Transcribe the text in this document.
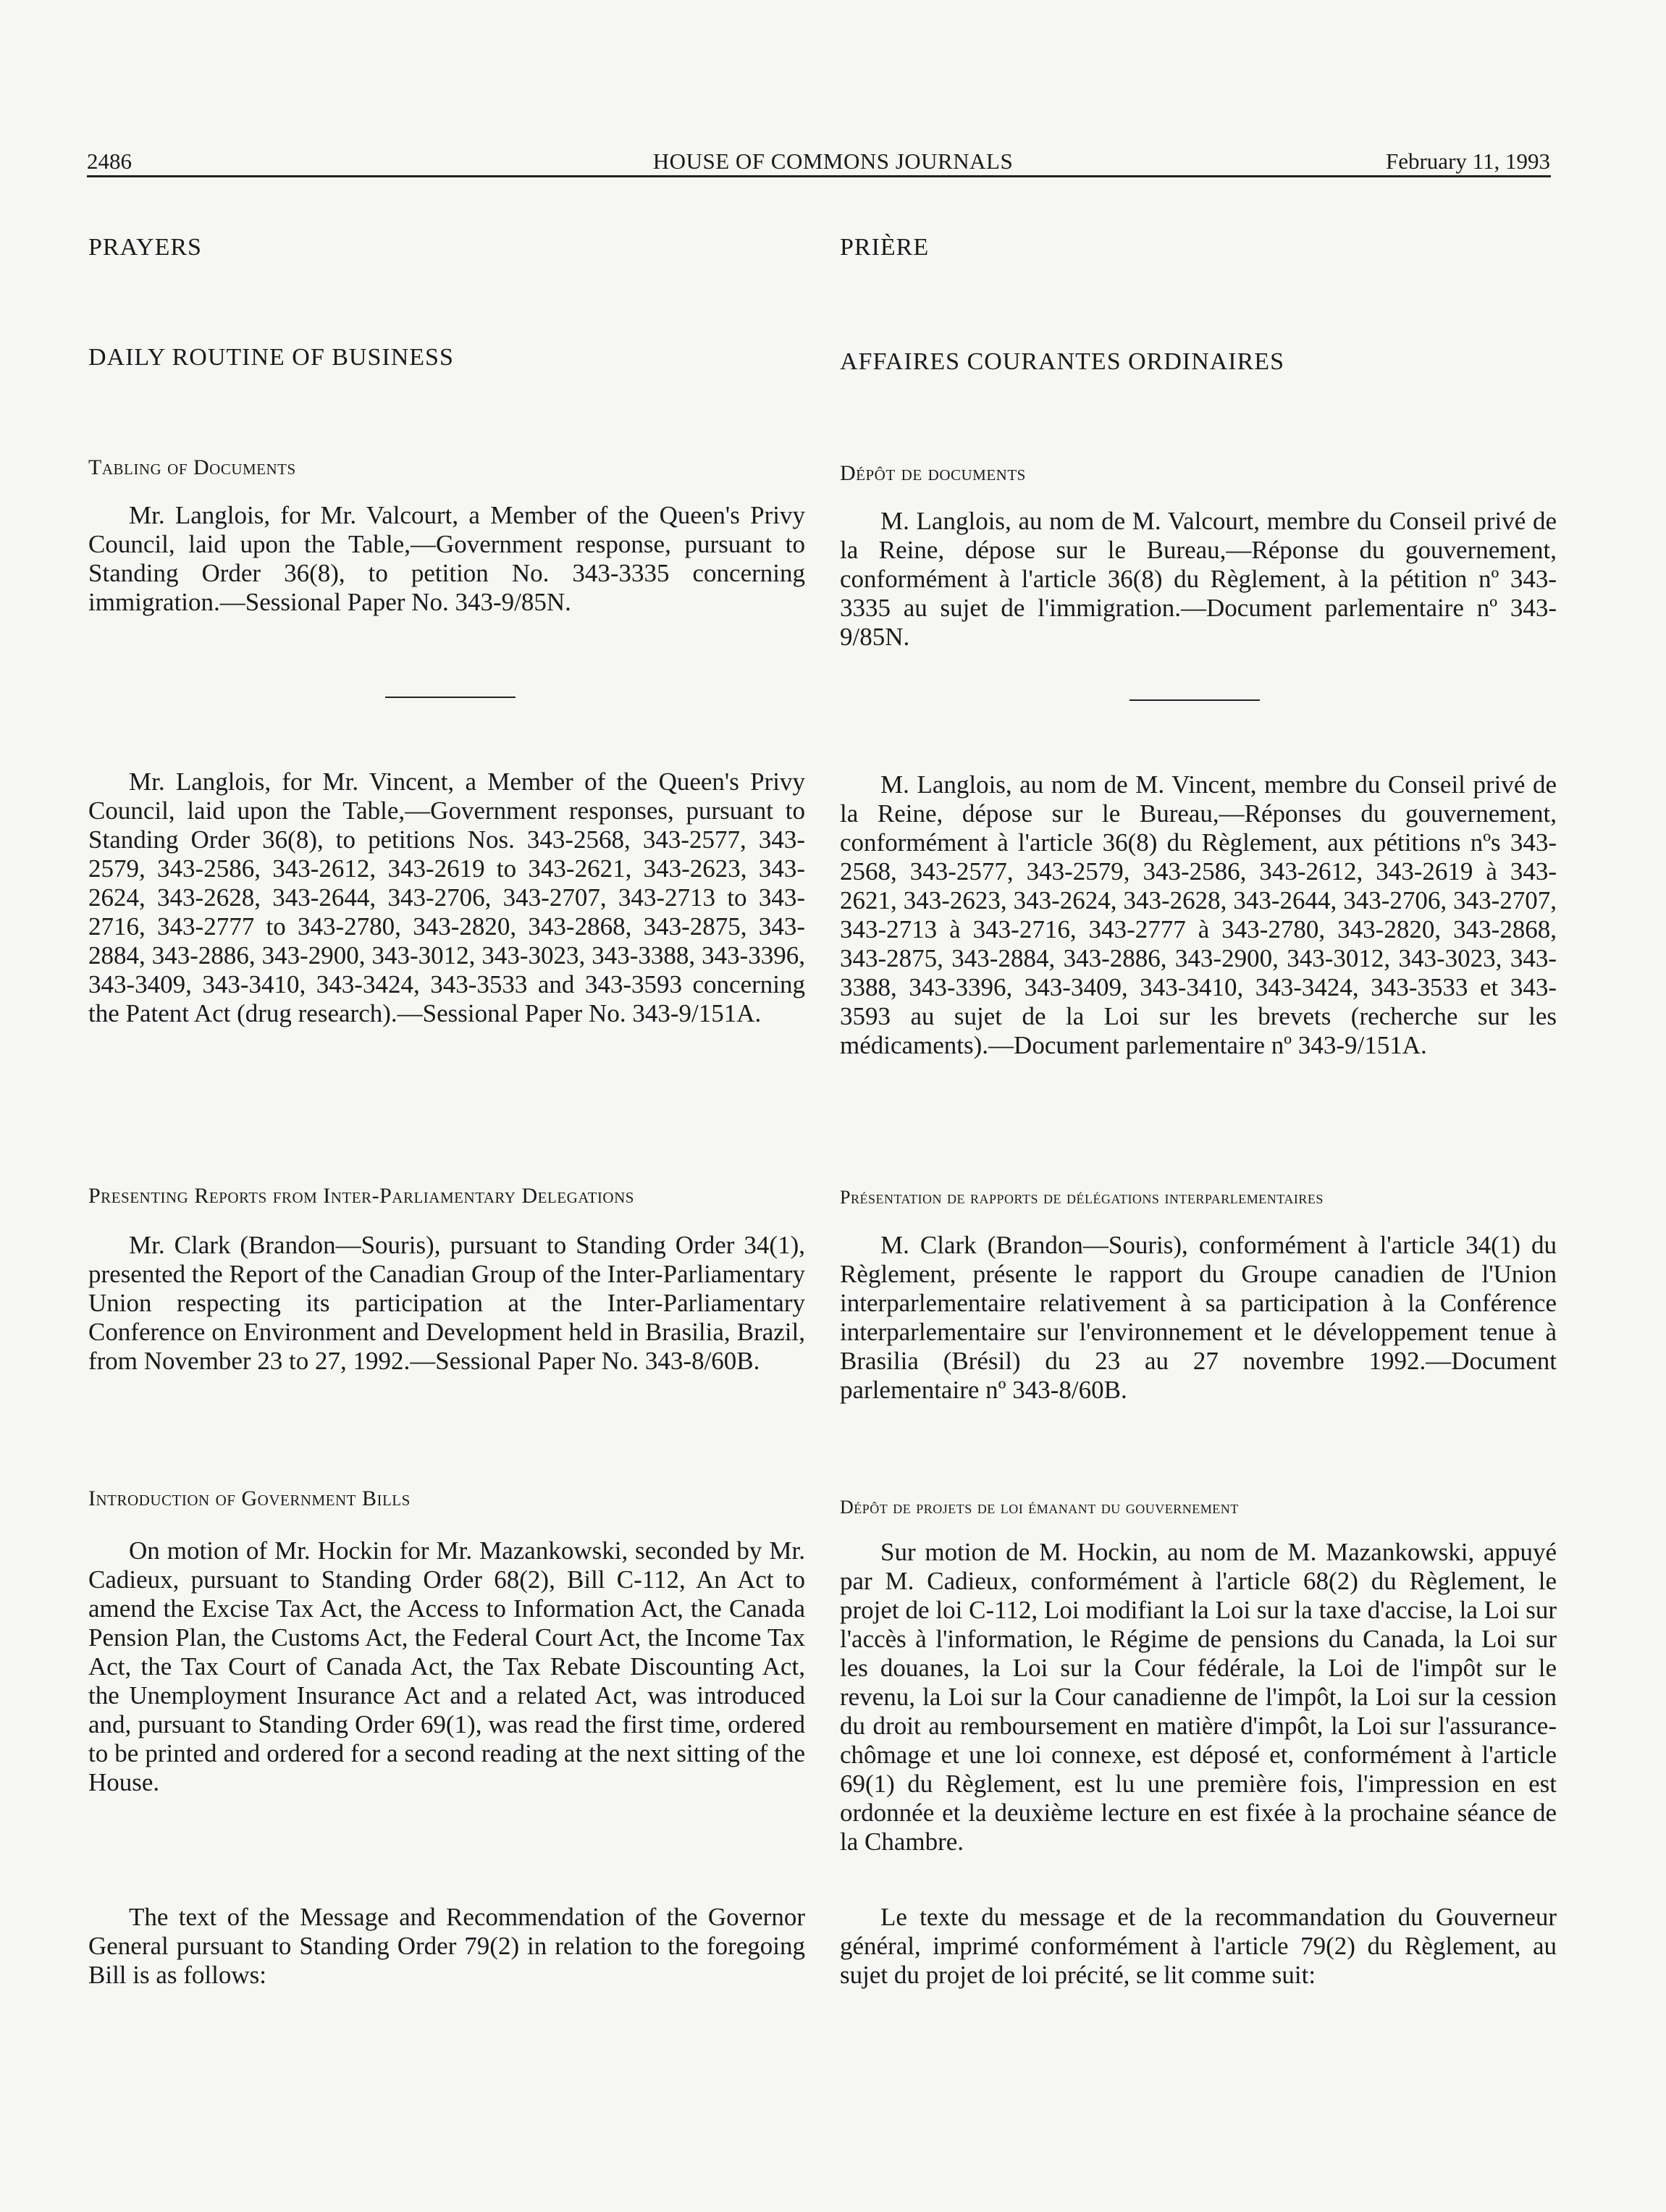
2486	HOUSE OF COMMONS JOURNALS	February 11, 1993
PRAYERS
DAILY ROUTINE OF BUSINESS
Tabling of Documents

Mr. Langlois, for Mr. Valcourt, a Member of the Queen's Privy Council, laid upon the Table,—Government response, pursuant to Standing Order 36(8), to petition No. 343-3335 concerning immigration.—Sessional Paper No. 343-9/85N.

Mr. Langlois, for Mr. Vincent, a Member of the Queen's Privy Council, laid upon the Table,—Government responses, pursuant to Standing Order 36(8), to petitions Nos. 343-2568, 343-2577, 343-2579, 343-2586, 343-2612, 343-2619 to 343-2621, 343-2623, 343-2624, 343-2628, 343-2644, 343-2706, 343-2707, 343-2713 to 343-2716, 343-2777 to 343-2780, 343-2820, 343-2868, 343-2875, 343-2884, 343-2886, 343-2900, 343-3012, 343-3023, 343-3388, 343-3396, 343-3409, 343-3410, 343-3424, 343-3533 and 343-3593 concerning the Patent Act (drug research).—Sessional Paper No. 343-9/151A.

Presenting Reports from Inter-Parliamentary Delegations

Mr. Clark (Brandon—Souris), pursuant to Standing Order 34(1), presented the Report of the Canadian Group of the Inter-Parliamentary Union respecting its participation at the Inter-Parliamentary Conference on Environment and Development held in Brasilia, Brazil, from November 23 to 27, 1992.—Sessional Paper No. 343-8/60B.

Introduction of Government Bills

On motion of Mr. Hockin for Mr. Mazankowski, seconded by Mr. Cadieux, pursuant to Standing Order 68(2), Bill C-112, An Act to amend the Excise Tax Act, the Access to Information Act, the Canada Pension Plan, the Customs Act, the Federal Court Act, the Income Tax Act, the Tax Court of Canada Act, the Tax Rebate Discounting Act, the Unemployment Insurance Act and a related Act, was introduced and, pursuant to Standing Order 69(1), was read the first time, ordered to be printed and ordered for a second reading at the next sitting of the House.

The text of the Message and Recommendation of the Governor General pursuant to Standing Order 79(2) in relation to the foregoing Bill is as follows:

PRIÈRE
AFFAIRES COURANTES ORDINAIRES
Dépôt de documents

M. Langlois, au nom de M. Valcourt, membre du Conseil privé de la Reine, dépose sur le Bureau,—Réponse du gouvernement, conformément à l'article 36(8) du Règlement, à la pétition nº 343-3335 au sujet de l'immigration.—Document parlementaire nº 343-9/85N.

M. Langlois, au nom de M. Vincent, membre du Conseil privé de la Reine, dépose sur le Bureau,—Réponses du gouvernement, conformément à l'article 36(8) du Règlement, aux pétitions nºs 343-2568, 343-2577, 343-2579, 343-2586, 343-2612, 343-2619 à 343-2621, 343-2623, 343-2624, 343-2628, 343-2644, 343-2706, 343-2707, 343-2713 à 343-2716, 343-2777 à 343-2780, 343-2820, 343-2868, 343-2875, 343-2884, 343-2886, 343-2900, 343-3012, 343-3023, 343-3388, 343-3396, 343-3409, 343-3410, 343-3424, 343-3533 et 343-3593 au sujet de la Loi sur les brevets (recherche sur les médicaments).—Document parlementaire nº 343-9/151A.

Présentation de rapports de délégations interparlementaires

M. Clark (Brandon—Souris), conformément à l'article 34(1) du Règlement, présente le rapport du Groupe canadien de l'Union interparlementaire relativement à sa participation à la Conférence interparlementaire sur l'environnement et le développement tenue à Brasilia (Brésil) du 23 au 27 novembre 1992.—Document parlementaire nº 343-8/60B.

Dépôt de projets de loi émanant du gouvernement

Sur motion de M. Hockin, au nom de M. Mazankowski, appuyé par M. Cadieux, conformément à l'article 68(2) du Règlement, le projet de loi C-112, Loi modifiant la Loi sur la taxe d'accise, la Loi sur l'accès à l'information, le Régime de pensions du Canada, la Loi sur les douanes, la Loi sur la Cour fédérale, la Loi de l'impôt sur le revenu, la Loi sur la Cour canadienne de l'impôt, la Loi sur la cession du droit au remboursement en matière d'impôt, la Loi sur l'assurance-chômage et une loi connexe, est déposé et, conformément à l'article 69(1) du Règlement, est lu une première fois, l'impression en est ordonnée et la deuxième lecture en est fixée à la prochaine séance de la Chambre.

Le texte du message et de la recommandation du Gouverneur général, imprimé conformément à l'article 79(2) du Règlement, au sujet du projet de loi précité, se lit comme suit:
